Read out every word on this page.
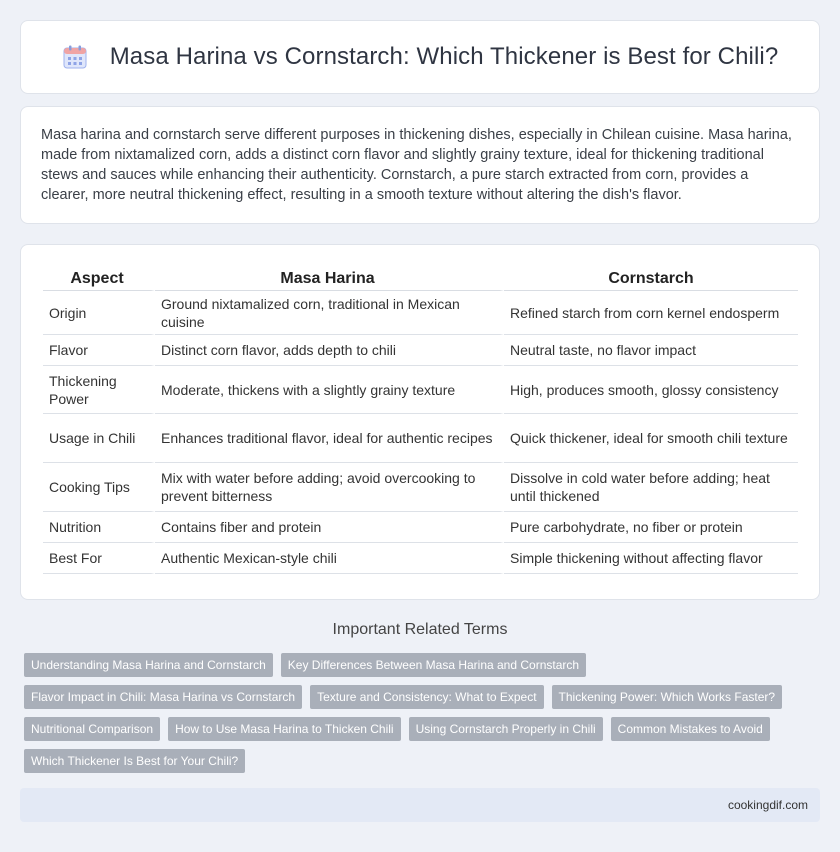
Masa Harina vs Cornstarch: Which Thickener is Best for Chili?

Masa harina and cornstarch serve different purposes in thickening dishes, especially in Chilean cuisine. Masa harina, made from nixtamalized corn, adds a distinct corn flavor and slightly grainy texture, ideal for thickening traditional stews and sauces while enhancing their authenticity. Cornstarch, a pure starch extracted from corn, provides a clearer, more neutral thickening effect, resulting in a smooth texture without altering the dish's flavor.

Aspect	Masa Harina	Cornstarch
Origin	Ground nixtamalized corn, traditional in Mexican cuisine	Refined starch from corn kernel endosperm
Flavor	Distinct corn flavor, adds depth to chili	Neutral taste, no flavor impact
Thickening Power	Moderate, thickens with a slightly grainy texture	High, produces smooth, glossy consistency
Usage in Chili	Enhances traditional flavor, ideal for authentic recipes	Quick thickener, ideal for smooth chili texture
Cooking Tips	Mix with water before adding; avoid overcooking to prevent bitterness	Dissolve in cold water before adding; heat until thickened
Nutrition	Contains fiber and protein	Pure carbohydrate, no fiber or protein
Best For	Authentic Mexican-style chili	Simple thickening without affecting flavor
Important Related Terms
Understanding Masa Harina and Cornstarch	Key Differences Between Masa Harina and Cornstarch
Flavor Impact in Chili: Masa Harina vs Cornstarch	Texture and Consistency: What to Expect	Thickening Power: Which Works Faster?
Nutritional Comparison	How to Use Masa Harina to Thicken Chili	Using Cornstarch Properly in Chili	Common Mistakes to Avoid
Which Thickener Is Best for Your Chili?
cookingdif.com
